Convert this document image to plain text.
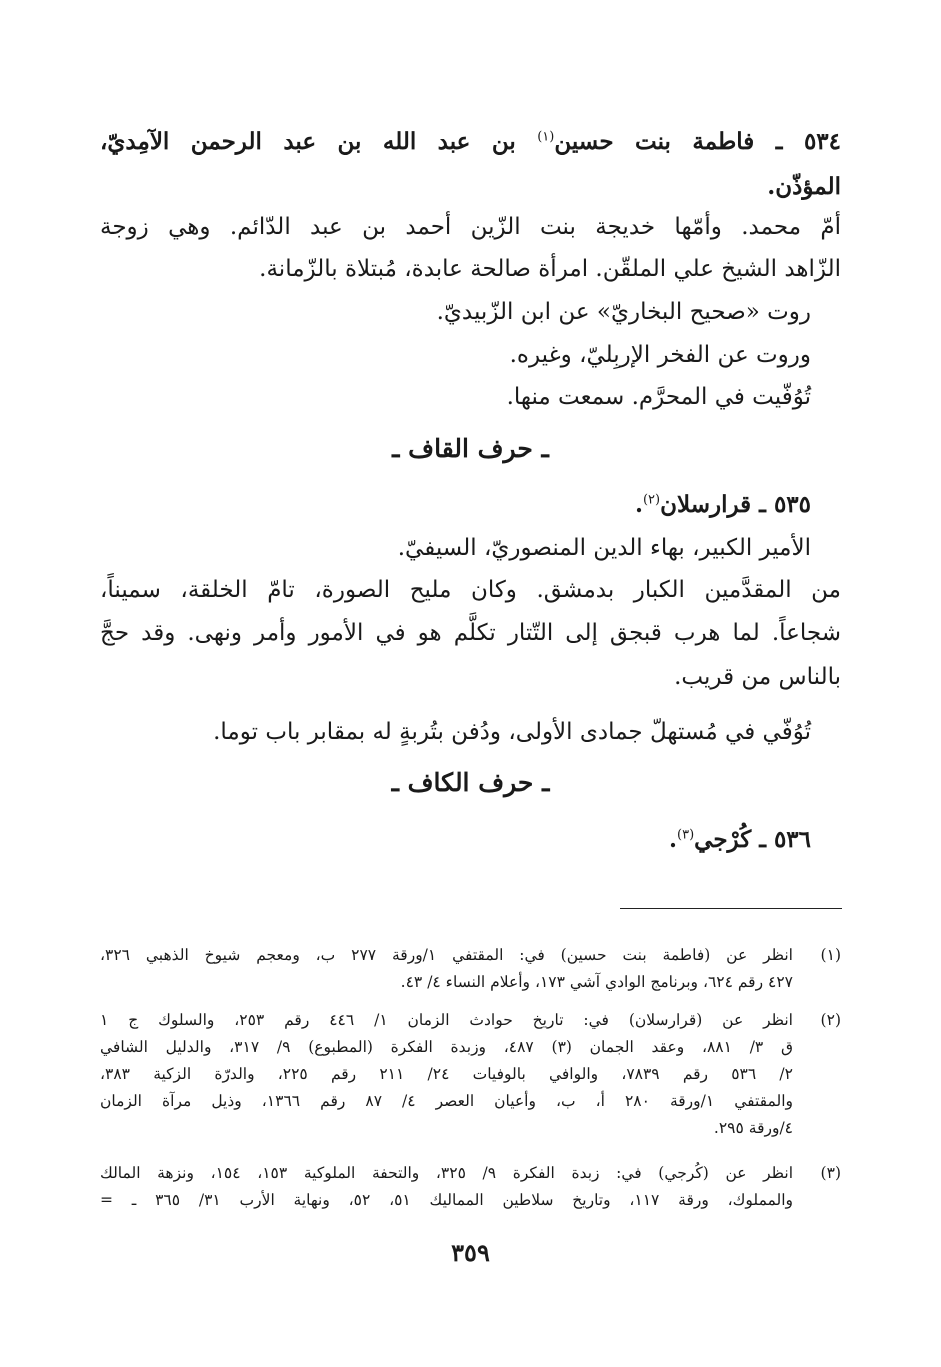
٥٣٤ ـ فاطمة بنت حسين$^{(١)}$ بن عبد الله بن عبد الرحمن الآمِديّ،
المؤذّن.
أمّ محمد. وأمّها خديجة بنت الزّين أحمد بن عبد الدّائم. وهي زوجة
الزّاهد الشيخ علي الملقّن. امرأة صالحة عابدة، مُبتلاة بالزّمانة.
روت «صحيح البخاريّ» عن ابن الزّبيديّ.
وروت عن الفخر الإربِليّ، وغيره.
تُوُفّيت في المحرَّم. سمعت منها.
ـ حرف القاف ـ
٥٣٥ ـ قرارسلان$^{(٢)}$.
الأمير الكبير، بهاء الدين المنصوريّ، السيفيّ.
من المقدَّمين الكبار بدمشق. وكان مليح الصورة، تامّ الخلقة، سميناً،
شجاعاً. لما هرب قبجق إلى التّتار تكلَّم هو في الأمور وأمر ونهى. وقد حجَّ
بالناس من قريب.
تُوُفّي في مُستهلّ جمادى الأولى، ودُفن بتُربةٍ له بمقابر باب توما.
ـ حرف الكاف ـ
٥٣٦ ـ كُرْجي$^{(٣)}$.
(١)
انظر عن (فاطمة بنت حسين) في: المقتفي ١/ورقة ٢٧٧ ب، ومعجم شيوخ الذهبي ٣٢٦،
٤٢٧ رقم ٦٢٤، وبرنامج الوادي آشي ١٧٣، وأعلام النساء ٤/ ٤٣.
(٢)
انظر عن (قرارسلان) في: تاريخ حوادث الزمان ١/ ٤٤٦ رقم ٢٥٣، والسلوك ج ١
ق ٣/ ٨٨١، وعقد الجمان (٣) ٤٨٧، وزبدة الفكرة (المطبوع) ٩/ ٣١٧، والدليل الشافي
٢/ ٥٣٦ رقم ٧٨٣٩، والوافي بالوفيات ٢٤/ ٢١١ رقم ٢٢٥، والدرّة الزكية ٣٨٣،
والمقتفي ١/ورقة ٢٨٠ أ، ب، وأعيان العصر ٤/ ٨٧ رقم ١٣٦٦، وذيل مرآة الزمان
٤/ورقة ٢٩٥.
(٣)
انظر عن (كُرجي) في: زبدة الفكرة ٩/ ٣٢٥، والتحفة الملوكية ١٥٣، ١٥٤، ونزهة المالك
والمملوك، ورقة ١١٧، وتاريخ سلاطين المماليك ٥١، ٥٢، ونهاية الأرب ٣١/ ٣٦٥ ـ =
٣٥٩
